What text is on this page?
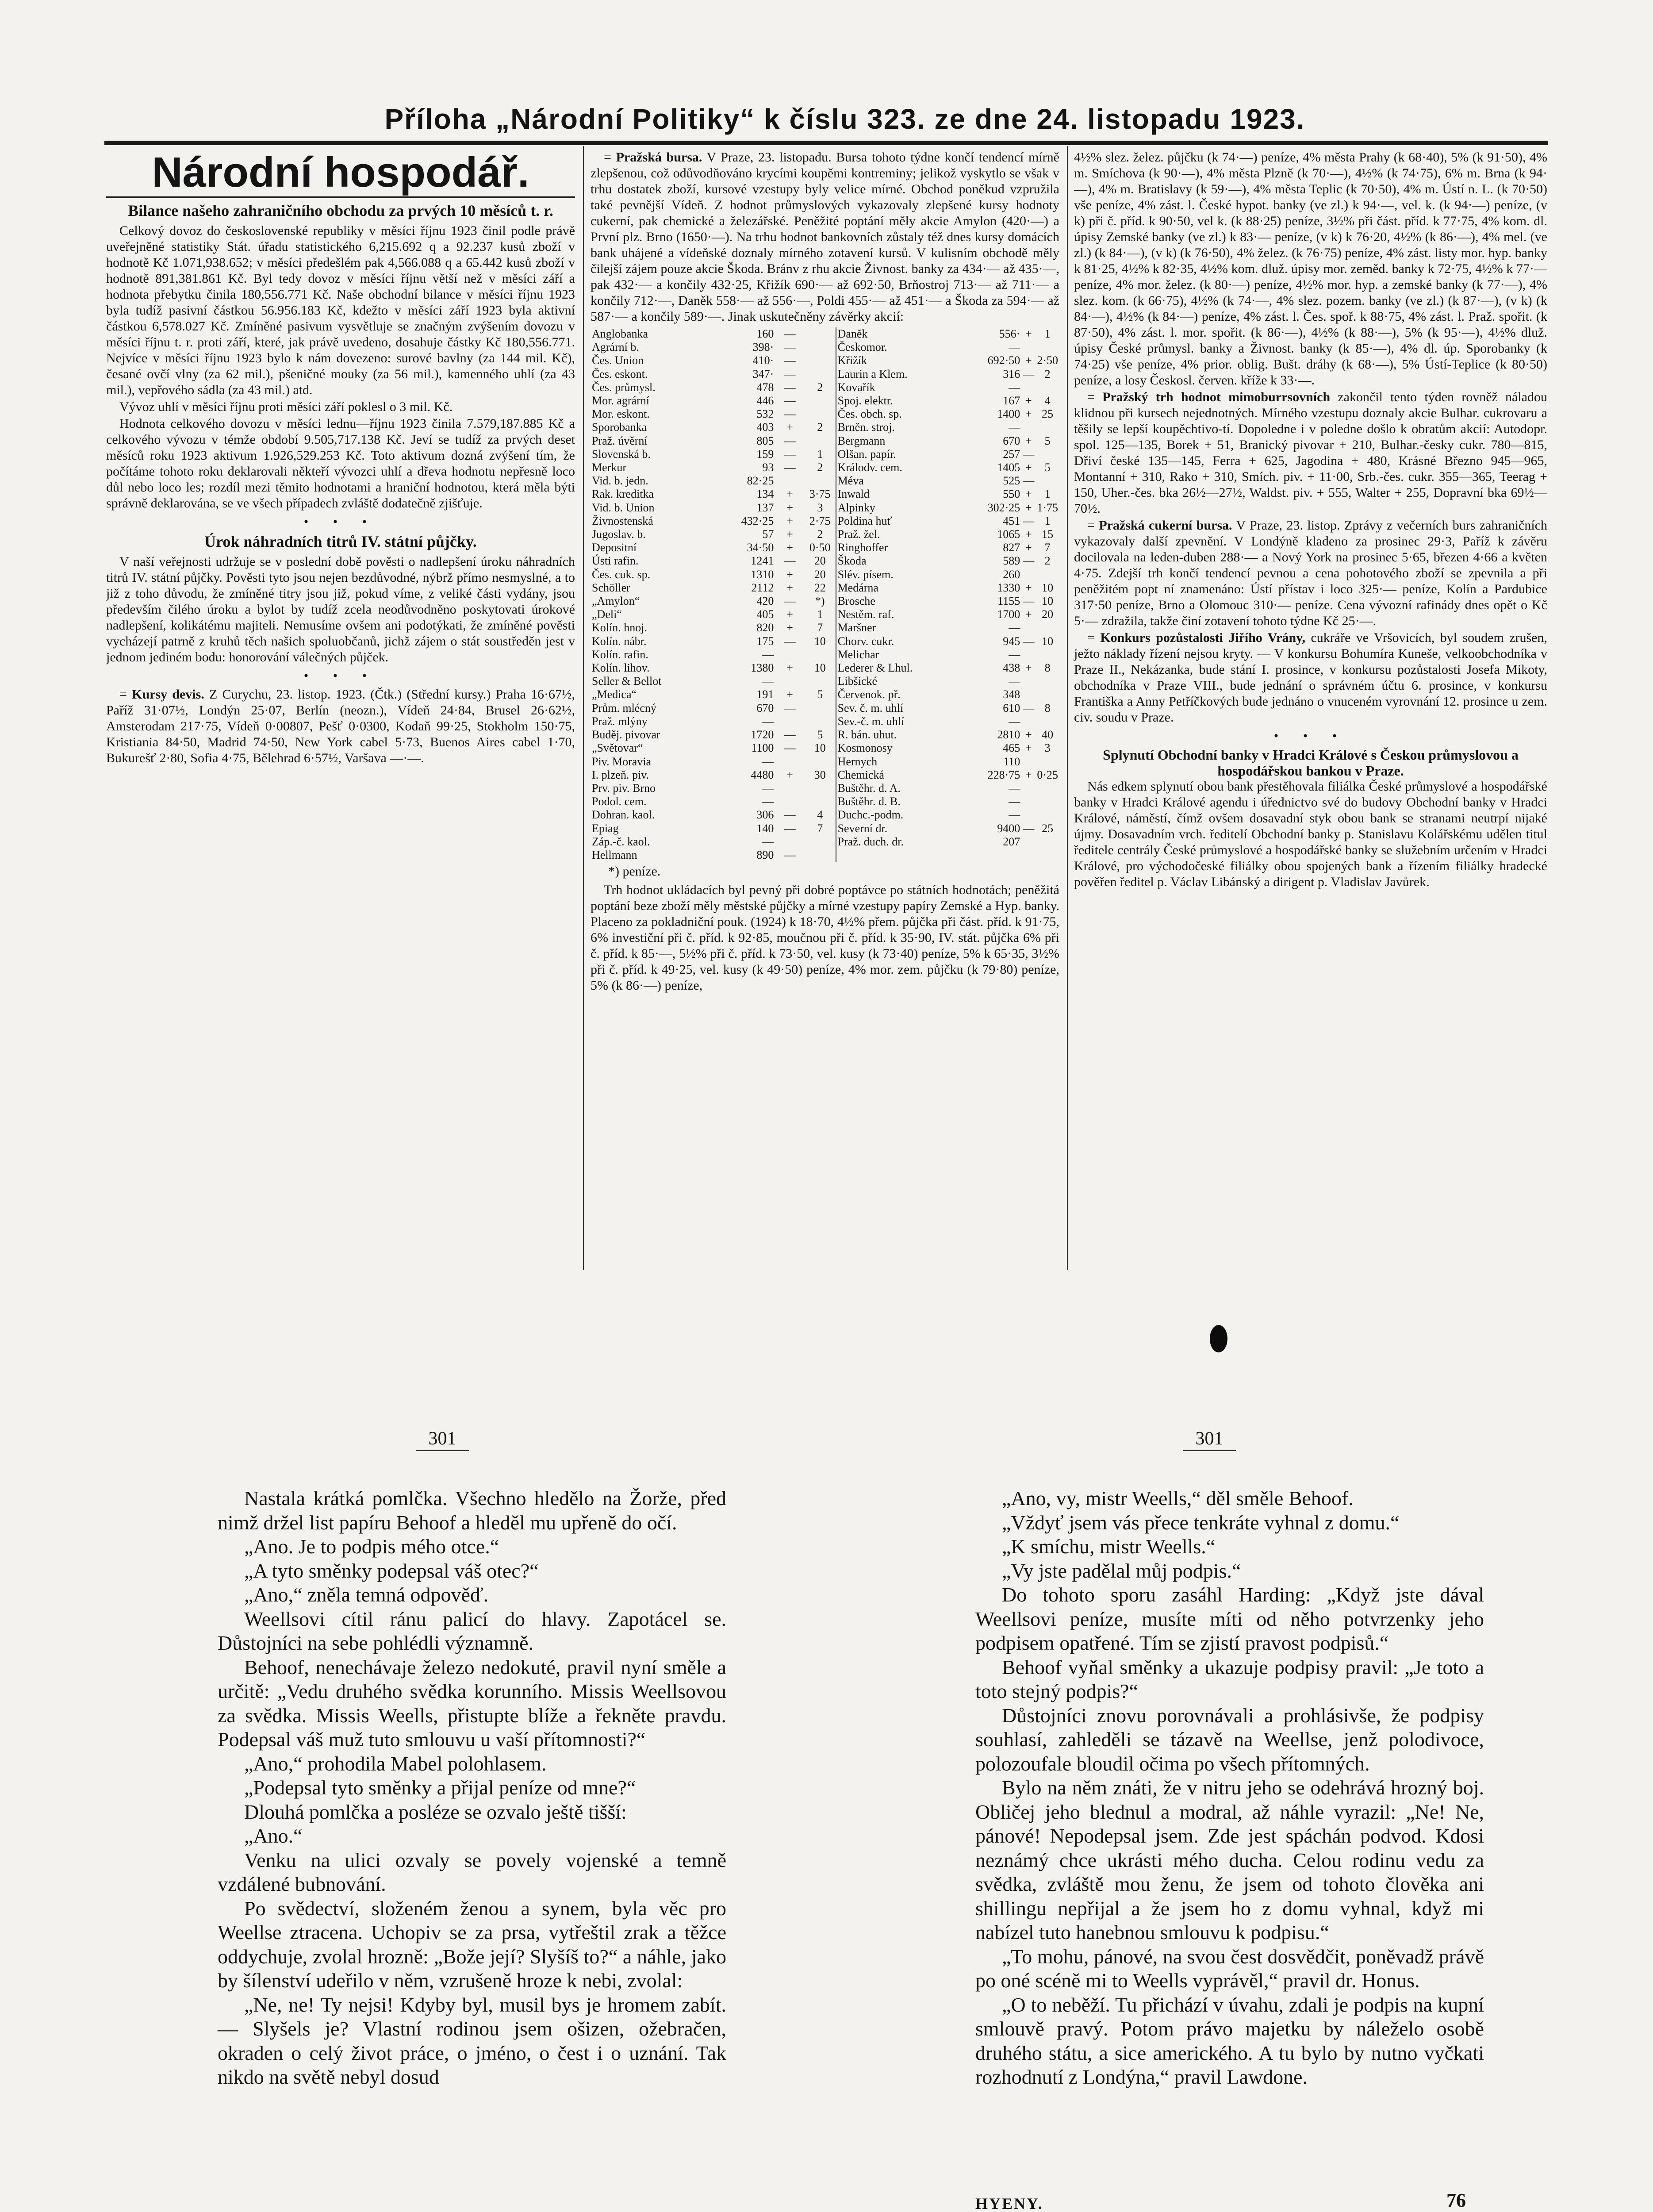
Příloha „Národní Politiky“ k číslu 323. ze dne 24. listopadu 1923.
Národní hospodář.
Bilance našeho zahraničního obchodu za prvých 10 měsíců t. r.

Celkový dovoz do československé republiky v měsíci říjnu 1923 činil podle právě uveřejněné statistiky Stát. úřadu statistického 6,215.692 q a 92.237 kusů zboží v hodnotě Kč 1.071,938.652; v měsíci předešlém pak 4,566.088 q a 65.442 kusů zboží v hodnotě 891,381.861 Kč. Byl tedy dovoz v měsíci říjnu větší než v měsíci září a hodnota přebytku činila 180,556.771 Kč. Naše obchodní bilance v měsíci říjnu 1923 byla tudíž pasivní částkou 56.956.183 Kč, kdežto v měsíci září 1923 byla aktivní částkou 6,578.027 Kč. Zmíněné pasivum vysvětluje se značným zvýšením dovozu v měsíci říjnu t. r. proti září, které, jak právě uvedeno, dosahuje částky Kč 180,556.771. Nejvíce v měsíci říjnu 1923 bylo k nám dovezeno: surové bavlny (za 144 mil. Kč), česané ovčí vlny (za 62 mil.), pšeničné mouky (za 56 mil.), kamenného uhlí (za 43 mil.), vepřového sádla (za 43 mil.) atd.

Vývoz uhlí v měsíci říjnu proti měsíci září poklesl o 3 mil. Kč.

Hodnota celkového dovozu v měsíci lednu—říjnu 1923 činila 7.579,187.885 Kč a celkového vývozu v témže období 9.505,717.138 Kč. Jeví se tudíž za prvých deset měsíců roku 1923 aktivum 1.926,529.253 Kč. Toto aktivum dozná zvýšení tím, že počítáme tohoto roku deklarovali někteří vývozci uhlí a dřeva hodnotu nepřesně loco důl nebo loco les; rozdíl mezi těmito hodnotami a hraniční hodnotou, která měla býti správně deklarována, se ve všech případech zvláště dodatečně zjišťuje.

• • •
Úrok náhradních titrů IV. státní půjčky.

V naší veřejnosti udržuje se v poslední době pověsti o nadlepšení úroku náhradních titrů IV. státní půjčky. Pověsti tyto jsou nejen bezdůvodné, nýbrž přímo nesmyslné, a to již z toho důvodu, že zmíněné titry jsou již, pokud víme, z veliké části vydány, jsou především čilého úroku a bylot by tudíž zcela neodůvodněno poskytovati úrokové nadlepšení, kolikátému majiteli. Nemusíme ovšem ani podotýkati, že zmíněné pověsti vycházejí patrně z kruhů těch našich spoluobčanů, jichž zájem o stát soustředěn jest v jednom jediném bodu: honorování válečných půjček.

• • •

= Kursy devis. Z Curychu, 23. listop. 1923. (Čtk.) (Střední kursy.) Praha 16·67½, Paříž 31·07½, Londýn 25·07, Berlín (neozn.), Vídeň 24·84, Brusel 26·62½, Amsterodam 217·75, Vídeň 0·00807, Pešť 0·0300, Kodaň 99·25, Stokholm 150·75, Kristiania 84·50, Madrid 74·50, New York cabel 5·73, Buenos Aires cabel 1·70, Bukurešť 2·80, Sofia 4·75, Bělehrad 6·57½, Varšava —·—.

= Pražská bursa. V Praze, 23. listopadu. Bursa tohoto týdne končí tendencí mírně zlepšenou, což odůvodňováno krycími koupěmi kontreminy; jelikož vyskytlo se však v trhu dostatek zboží, kursové vzestupy byly velice mírné. Obchod poněkud vzpružila také pevnější Vídeň. Z hodnot průmyslových vykazovaly zlepšené kursy hodnoty cukerní, pak chemické a železářské. Peněžité poptání měly akcie Amylon (420·—) a První plz. Brno (1650·—). Na trhu hodnot bankovních zůstaly též dnes kursy domácích bank uhájené a vídeňské doznaly mírného zotavení kursů. V kulisním obchodě měly čilejší zájem pouze akcie Škoda. Bránv z rhu akcie Živnost. banky za 434·— až 435·—, pak 432·— a končily 432·25, Křižík 690·— až 692·50, Brňostroj 713·— až 711·— a končily 712·—, Daněk 558·— až 556·—, Poldi 455·— až 451·— a Škoda za 594·— až 587·— a končily 589·—. Jinak uskutečněny závěrky akcií:

Anglobanka	160	—		Daněk	556·	+	1
Agrární b.	398·	—		Českomor.	—		
Čes. Union	410·	—		Křižík	692·50	+	2·50
Čes. eskont.	347·	—		Laurin a Klem.	316	—	2
Čes. průmysl.	478	—	2	Kovařík	—		
Mor. agrární	446	—		Spoj. elektr.	167	+	4
Mor. eskont.	532	—		Čes. obch. sp.	1400	+	25
Sporobanka	403	+	2	Brněn. stroj.	—		
Praž. úvěrní	805	—		Bergmann	670	+	5
Slovenská b.	159	—	1	Olšan. papír.	257	—	
Merkur	93	—	2	Králodv. cem.	1405	+	5
Vid. b. jedn.	82·25			Méva	525	—	
Rak. kreditka	134	+	3·75	Inwald	550	+	1
Vid. b. Union	137	+	3	Alpinky	302·25	+	1·75
Živnostenská	432·25	+	2·75	Poldina huť	451	—	1
Jugoslav. b.	57	+	2	Praž. žel.	1065	+	15
Depositní	34·50	+	0·50	Ringhoffer	827	+	7
Ústi rafin.	1241	—	20	Škoda	589	—	2
Čes. cuk. sp.	1310	+	20	Slév. písem.	260		
Schöller	2112	+	22	Medárna	1330	+	10
„Amylon“	420	—	*)	Brosche	1155	—	10
„Deli“	405	+	1	Nestěm. raf.	1700	+	20
Kolín. hnoj.	820	+	7	Maršner	—		
Kolín. nábr.	175	—	10	Chorv. cukr.	945	—	10
Kolín. rafin.	—			Melichar	—		
Kolín. lihov.	1380	+	10	Lederer & Lhul.	438	+	8
Seller & Bellot	—			Libšické	—		
„Medica“	191	+	5	Červenok. př.	348		
Prům. mlécný	670	—		Sev. č. m. uhlí	610	—	8
Praž. mlýny	—			Sev.-č. m. uhlí	—		
Buděj. pivovar	1720	—	5	R. bán. uhut.	2810	+	40
„Světovar“	1100	—	10	Kosmonosy	465	+	3
Piv. Moravia	—			Hernych	110		
I. plzeň. piv.	4480	+	30	Chemická	228·75	+	0·25
Prv. piv. Brno	—			Buštěhr. d. A.	—		
Podol. cem.	—			Buštěhr. d. B.	—		
Dohran. kaol.	306	—	4	Duchc.-podm.	—		
Epiag	140	—	7	Severní dr.	9400	—	25
Záp.-č. kaol.	—			Praž. duch. dr.	207		
Hellmann	890	—					
*) peníze.

Trh hodnot ukládacích byl pevný při dobré poptávce po státních hodnotách; peněžitá poptání beze zboží měly městské půjčky a mírné vzestupy papíry Zemské a Hyp. banky. Placeno za pokladniční pouk. (1924) k 18·70, 4½% přem. půjčka při část. příd. k 91·75, 6% investiční při č. příd. k 92·85, moučnou při č. příd. k 35·90, IV. stát. půjčka 6% při č. příd. k 85·—, 5½% při č. příd. k 73·50, vel. kusy (k 73·40) peníze, 5% k 65·35, 3½% při č. příd. k 49·25, vel. kusy (k 49·50) peníze, 4% mor. zem. půjčku (k 79·80) peníze, 5% (k 86·—) peníze,

4½% slez. želez. půjčku (k 74·—) peníze, 4% města Prahy (k 68·40), 5% (k 91·50), 4% m. Smíchova (k 90·—), 4% města Plzně (k 70·—), 4½% (k 74·75), 6% m. Brna (k 94·—), 4% m. Bratislavy (k 59·—), 4% města Teplic (k 70·50), 4% m. Ústí n. L. (k 70·50) vše peníze, 4% zást. l. České hypot. banky (ve zl.) k 94·—, vel. k. (k 94·—) peníze, (v k) při č. příd. k 90·50, vel k. (k 88·25) peníze, 3½% při část. příd. k 77·75, 4% kom. dl. úpisy Zemské banky (ve zl.) k 83·— peníze, (v k) k 76·20, 4½% (k 86·—), 4% mel. (ve zl.) (k 84·—), (v k) (k 76·50), 4% želez. (k 76·75) peníze, 4% zást. listy mor. hyp. banky k 81·25, 4½% k 82·35, 4½% kom. dluž. úpisy mor. zeměd. banky k 72·75, 4½% k 77·— peníze, 4% mor. želez. (k 80·—) peníze, 4½% mor. hyp. a zemské banky (k 77·—), 4% slez. kom. (k 66·75), 4½% (k 74·—, 4% slez. pozem. banky (ve zl.) (k 87·—), (v k) (k 84·—), 4½% (k 84·—) peníze, 4% zást. l. Čes. spoř. k 88·75, 4% zást. l. Praž. spořit. (k 87·50), 4% zást. l. mor. spořit. (k 86·—), 4½% (k 88·—), 5% (k 95·—), 4½% dluž. úpisy České průmysl. banky a Živnost. banky (k 85·—), 4% dl. úp. Sporobanky (k 74·25) vše peníze, 4% prior. oblig. Bušt. dráhy (k 68·—), 5% Ústí-Teplice (k 80·50) peníze, a losy Českosl. červen. kříže k 33·—.

= Pražský trh hodnot mimoburrsovních zakončil tento týden rovněž náladou klidnou při kursech nejednotných. Mírného vzestupu doznaly akcie Bulhar. cukrovaru a těšily se lepší koupěchtivo-tí. Dopoledne i v poledne došlo k obratům akcií: Autodopr. spol. 125—135, Borek + 51, Branický pivovar + 210, Bulhar.-česky cukr. 780—815, Dřiví české 135—145, Ferra + 625, Jagodina + 480, Krásné Březno 945—965, Montanní + 310, Rako + 310, Smích. piv. + 11·00, Srb.-čes. cukr. 355—365, Teerag + 150, Uher.-čes. bka 26½—27½, Waldst. piv. + 555, Walter + 255, Dopravní bka 69½—70½.

= Pražská cukerní bursa. V Praze, 23. listop. Zprávy z večerních burs zahraničních vykazovaly další zpevnění. V Londýně kladeno za prosinec 29·3, Paříž k závěru docilovala na leden-duben 288·— a Nový York na prosinec 5·65, březen 4·66 a květen 4·75. Zdejší trh končí tendencí pevnou a cena pohotového zboží se zpevnila a při peněžitém popt ní znamenáno: Ústí přístav i loco 325·— peníze, Kolín a Pardubice 317·50 peníze, Brno a Olomouc 310·— peníze. Cena vývozní rafinády dnes opět o Kč 5·— zdražila, takže činí zotavení tohoto týdne Kč 25·—.

= Konkurs pozůstalosti Jiřího Vrány, cukráře ve Vršovicích, byl soudem zrušen, ježto náklady řízení nejsou kryty. — V konkursu Bohumíra Kuneše, velkoobchodníka v Praze II., Nekázanka, bude stání I. prosince, v konkursu pozůstalosti Josefa Mikoty, obchodníka v Praze VIII., bude jednání o správném účtu 6. prosince, v konkursu Františka a Anny Petříčkových bude jednáno o vnuceném vyrovnání 12. prosince u zem. civ. soudu v Praze.

• • •
Splynutí Obchodní banky v Hradci Králové s Českou průmyslovou a hospodářskou bankou v Praze.

Nás edkem splynutí obou bank přestěhovala filiálka České průmyslové a hospodářské banky v Hradci Králové agendu i úřednictvo své do budovy Obchodní banky v Hradci Králové, náměstí, čímž ovšem dosavadní styk obou bank se stranami neutrpí nijaké újmy. Dosavadním vrch. ředitelí Obchodní banky p. Stanislavu Kolářskému udělen titul ředitele centrály České průmyslové a hospodářské banky se služebním určením v Hradci Králové, pro východočeské filiálky obou spojených bank a řízením filiálky hradecké pověřen ředitel p. Václav Libánský a dirigent p. Vladislav Javůrek.

301	301

Nastala krátká pomlčka. Všechno hledělo na Žorže, před nimž držel list papíru Behoof a hleděl mu upřeně do očí.

„Ano. Je to podpis mého otce.“

„A tyto směnky podepsal váš otec?“

„Ano,“ zněla temná odpověď.

Weellsovi cítil ránu palicí do hlavy. Zapotácel se. Důstojníci na sebe pohlédli významně.

Behoof, nenechávaje železo nedokuté, pravil nyní směle a určitě: „Vedu druhého svědka korunního. Missis Weellsovou za svědka. Missis Weells, přistupte blíže a řekněte pravdu. Podepsal váš muž tuto smlouvu u vaší přítomnosti?“

„Ano,“ prohodila Mabel polohlasem.

„Podepsal tyto směnky a přijal peníze od mne?“

Dlouhá pomlčka a posléze se ozvalo ještě tišší:

„Ano.“

Venku na ulici ozvaly se povely vojenské a temně vzdálené bubnování.

Po svědectví, složeném ženou a synem, byla věc pro Weellse ztracena. Uchopiv se za prsa, vytřeštil zrak a těžce oddychuje, zvolal hrozně: „Bože její? Slyšíš to?“ a náhle, jako by šílenství udeřilo v něm, vzrušeně hroze k nebi, zvolal:

„Ne, ne! Ty nejsi! Kdyby byl, musil bys je hromem zabít. — Slyšels je? Vlastní rodinou jsem ošizen, ožebračen, okraden o celý život práce, o jméno, o čest i o uznání. Tak nikdo na světě nebyl dosud

„Ano, vy, mistr Weells,“ děl směle Behoof.

„Vždyť jsem vás přece tenkráte vyhnal z domu.“

„K smíchu, mistr Weells.“

„Vy jste padělal můj podpis.“

Do tohoto sporu zasáhl Harding: „Když jste dával Weellsovi peníze, musíte míti od něho potvrzenky jeho podpisem opatřené. Tím se zjistí pravost podpisů.“

Behoof vyňal směnky a ukazuje podpisy pravil: „Je toto a toto stejný podpis?“

Důstojníci znovu porovnávali a prohlásivše, že podpisy souhlasí, zahleděli se tázavě na Weellse, jenž polodivoce, polozoufale bloudil očima po všech přítomných.

Bylo na něm znáti, že v nitru jeho se odehrává hrozný boj. Obličej jeho blednul a modral, až náhle vyrazil: „Ne! Ne, pánové! Nepodepsal jsem. Zde jest spáchán podvod. Kdosi neznámý chce ukrásti mého ducha. Celou rodinu vedu za svědka, zvláště mou ženu, že jsem od tohoto člověka ani shillingu nepřijal a že jsem ho z domu vyhnal, když mi nabízel tuto hanebnou smlouvu k podpisu.“

„To mohu, pánové, na svou čest dosvědčit, poněvadž právě po oné scéně mi to Weells vyprávěl,“ pravil dr. Honus.

„O to neběží. Tu přichází v úvahu, zdali je podpis na kupní smlouvě pravý. Potom právo majetku by náleželo osobě druhého státu, a sice amerického. A tu bylo by nutno vyčkati rozhodnutí z Londýna,“ pravil Lawdone.

HYENY.	76
